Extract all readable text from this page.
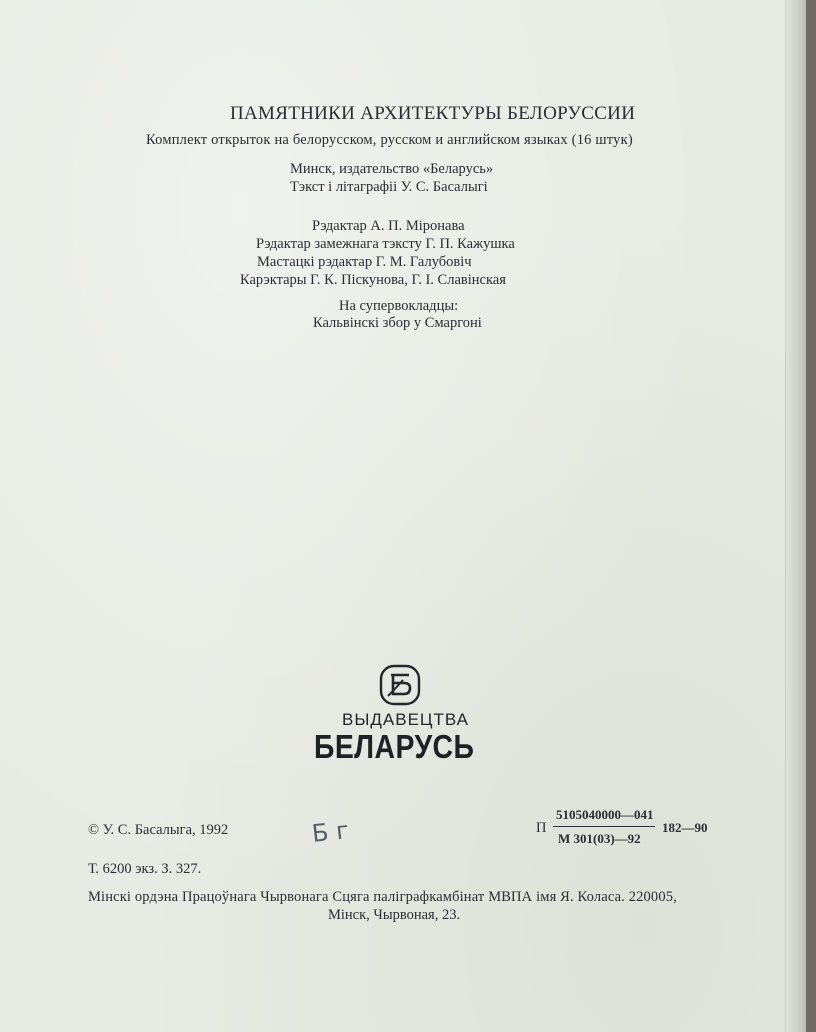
ПАМЯТНИКИ АРХИТЕКТУРЫ БЕЛОРУССИИ
Комплект открыток на белорусском, русском и английском языках (16 штук)
Минск, издательство «Беларусь»
Тэкст і літаграфіі У. С. Басалыгі
Рэдактар А. П. Міронава
Рэдактар замежнага тэксту Г. П. Кажушка
Мастацкі рэдактар Г. М. Галубовіч
Карэктары Г. К. Піскунова, Г. І. Славінская
На супервокладцы:
Кальвінскі збор у Смаргоні
ВЫДАВЕЦТВА
БЕЛАРУСЬ
© У. С. Басалыга, 1992	Б г	П
5105040000—041
М 301(03)—92
182—90
Т. 6200 экз. З. 327.
Мінскі ордэна Працоўнага Чырвонага Сцяга паліграфкамбінат МВПА імя Я. Коласа. 220005,
Мінск, Чырвоная, 23.
